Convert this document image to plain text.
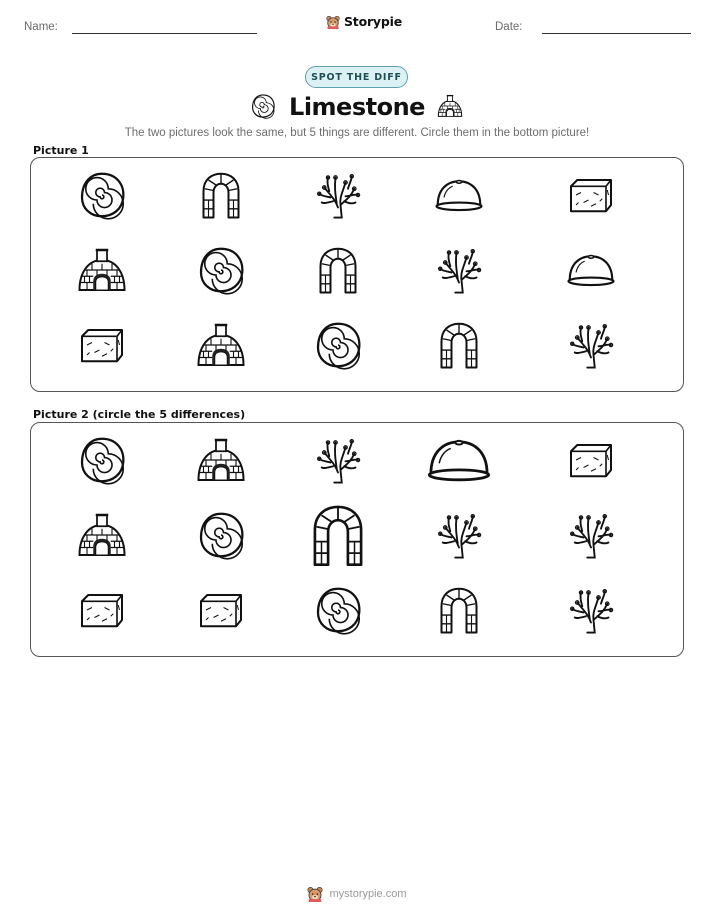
Name:	Storypie	Date:
SPOT THE DIFF
Limestone
The two pictures look the same, but 5 things are different. Circle them in the bottom picture!
Picture 1
Picture 2 (circle the 5 differences)
mystorypie.com
